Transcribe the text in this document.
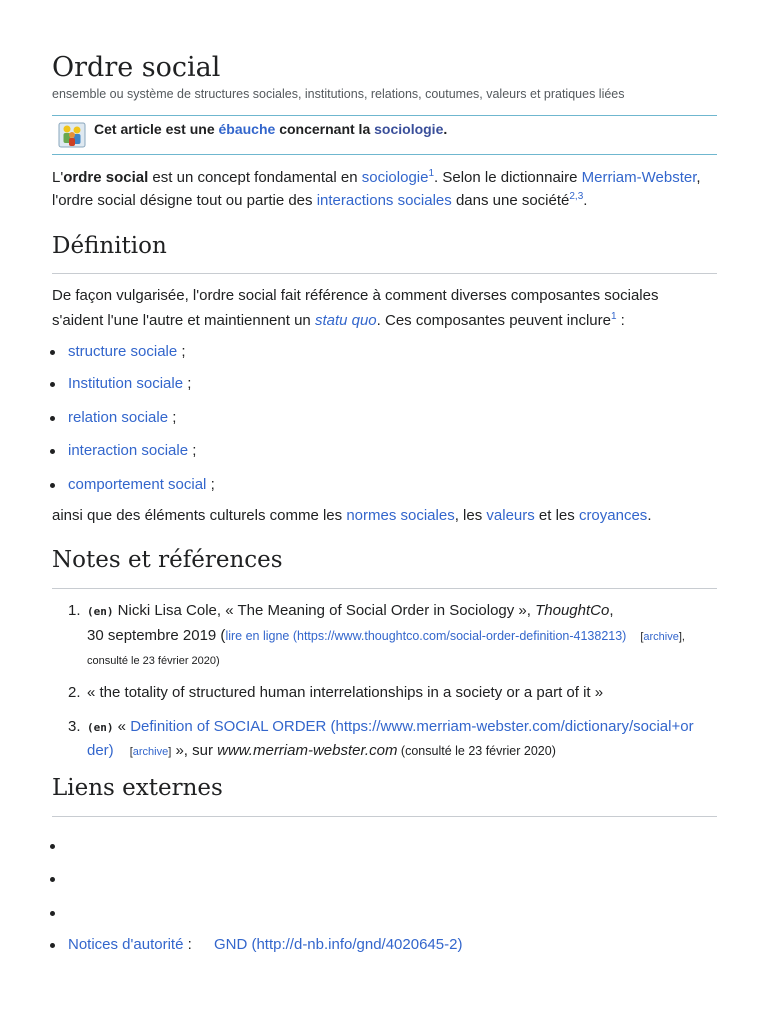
Ordre social
ensemble ou système de structures sociales, institutions, relations, coutumes, valeurs et pratiques liées
Cet article est une ébauche concernant la sociologie.
L'ordre social est un concept fondamental en sociologie$^1$. Selon le dictionnaire Merriam-Webster,
l'ordre social désigne tout ou partie des interactions sociales dans une société$^{2,3}$.
Définition
De façon vulgarisée, l'ordre social fait référence à comment diverses composantes sociales
s'aident l'une l'autre et maintiennent un statu quo. Ces composantes peuvent inclure$^1$ :
structure sociale ;
Institution sociale ;
relation sociale ;
interaction sociale ;
comportement social ;
ainsi que des éléments culturels comme les normes sociales, les valeurs et les croyances.
Notes et références
1. (en) Nicki Lisa Cole, « The Meaning of Social Order in Sociology », ThoughtCo,
30 septembre 2019 (lire en ligne (https://www.thoughtco.com/social-order-definition-4138213) [archive],
consulté le 23 février 2020)
2. « the totality of structured human interrelationships in a society or a part of it »
3. (en) « Definition of SOCIAL ORDER (https://www.merriam-webster.com/dictionary/social+or
der) [archive] », sur www.merriam-webster.com (consulté le 23 février 2020)
Liens externes
Notices d'autorité : GND (http://d-nb.info/gnd/4020645-2)
